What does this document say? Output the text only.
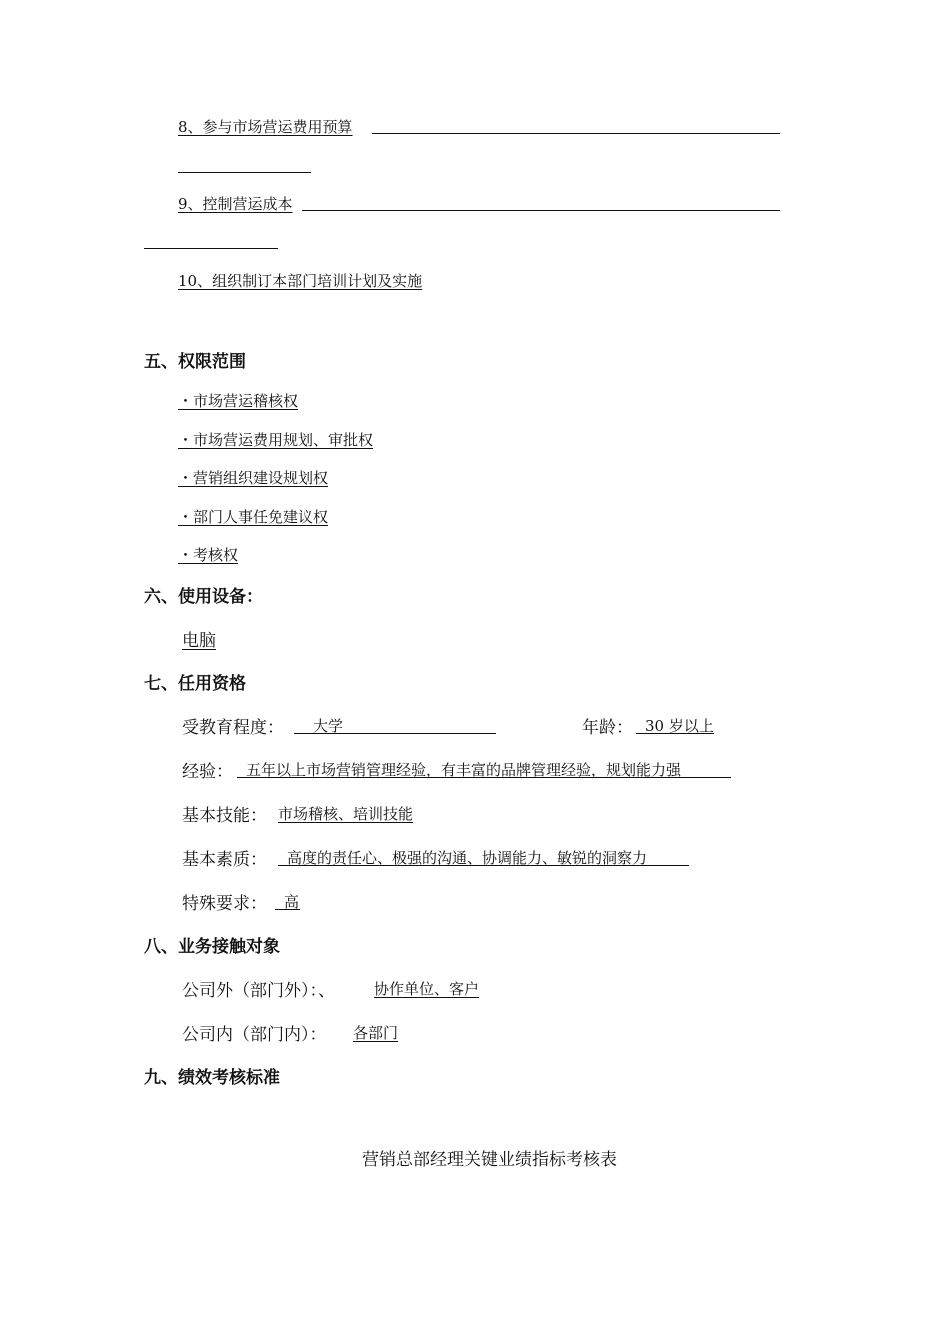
8、参与市场营运费用预算
9、控制营运成本
10、组织制订本部门培训计划及实施
五、权限范围
・市场营运稽核权
・市场营运费用规划、审批权
・营销组织建设规划权
・部门人事任免建议权
・考核权
六、使用设备：
电脑
七、任用资格
受教育程度： 大学	年龄： 30 岁以上
经验： 五年以上市场营销管理经验，有丰富的品牌管理经验，规划能力强
基本技能： 市场稽核、培训技能
基本素质： 高度的责任心、极强的沟通、协调能力、敏锐的洞察力
特殊要求： 高
八、业务接触对象
公司外（部门外）：、	协作单位、客户
公司内（部门内）： 各部门
九、绩效考核标准
营销总部经理关键业绩指标考核表
